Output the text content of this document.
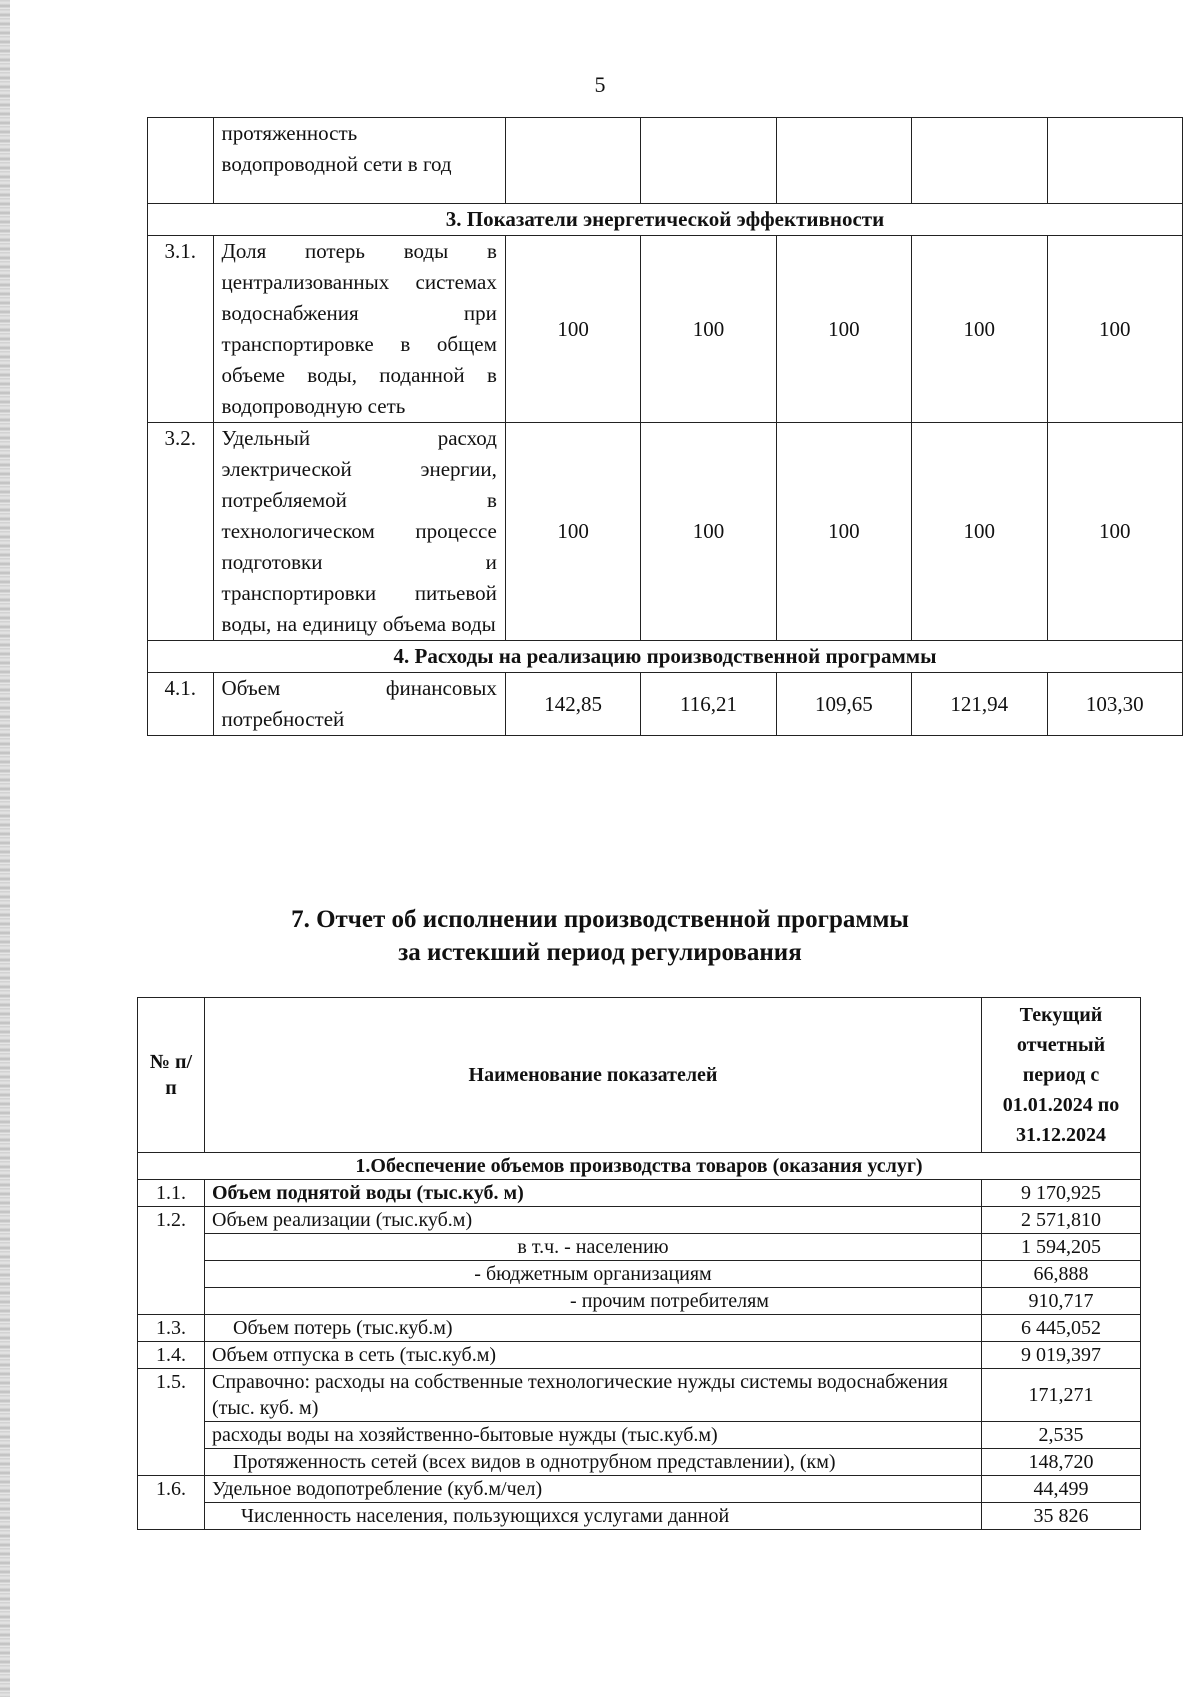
5
	протяженность водопроводной сети в год					
3. Показатели энергетической эффективности						
3.1.	Доля потерь воды в централизованных системах водоснабжения при транспортировке в общем объеме воды, поданной в водопроводную сеть	100	100	100	100	100
3.2.	Удельный расход электрической энергии, потребляемой в технологическом процессе подготовки и транспортировки питьевой воды, на единицу объема воды	100	100	100	100	100
4. Расходы на реализацию производственной программы						
4.1.	Объем финансовых потребностей	142,85	116,21	109,65	121,94	103,30
7. Отчет об исполнении производственной программы
за истекший период регулирования
№ п/п	Наименование показателей	Текущий отчетный период с 01.01.2024 по 31.12.2024
1.Обеспечение объемов производства товаров (оказания услуг)		
1.1.	Объем поднятой воды (тыс.куб. м)	9 170,925
1.2.	Объем реализации (тыс.куб.м)	2 571,810
	в т.ч. - населению	1 594,205
	- бюджетным организациям	66,888
	- прочим потребителям	910,717
1.3.	Объем потерь (тыс.куб.м)	6 445,052
1.4.	Объем отпуска в сеть (тыс.куб.м)	9 019,397
1.5.	Справочно: расходы на собственные технологические нужды системы водоснабжения (тыс. куб. м)	171,271
	расходы воды на хозяйственно-бытовые нужды (тыс.куб.м)	2,535
	Протяженность сетей (всех видов в однотрубном представлении), (км)	148,720
1.6.	Удельное водопотребление (куб.м/чел)	44,499
	Численность населения, пользующихся услугами данной	35 826
